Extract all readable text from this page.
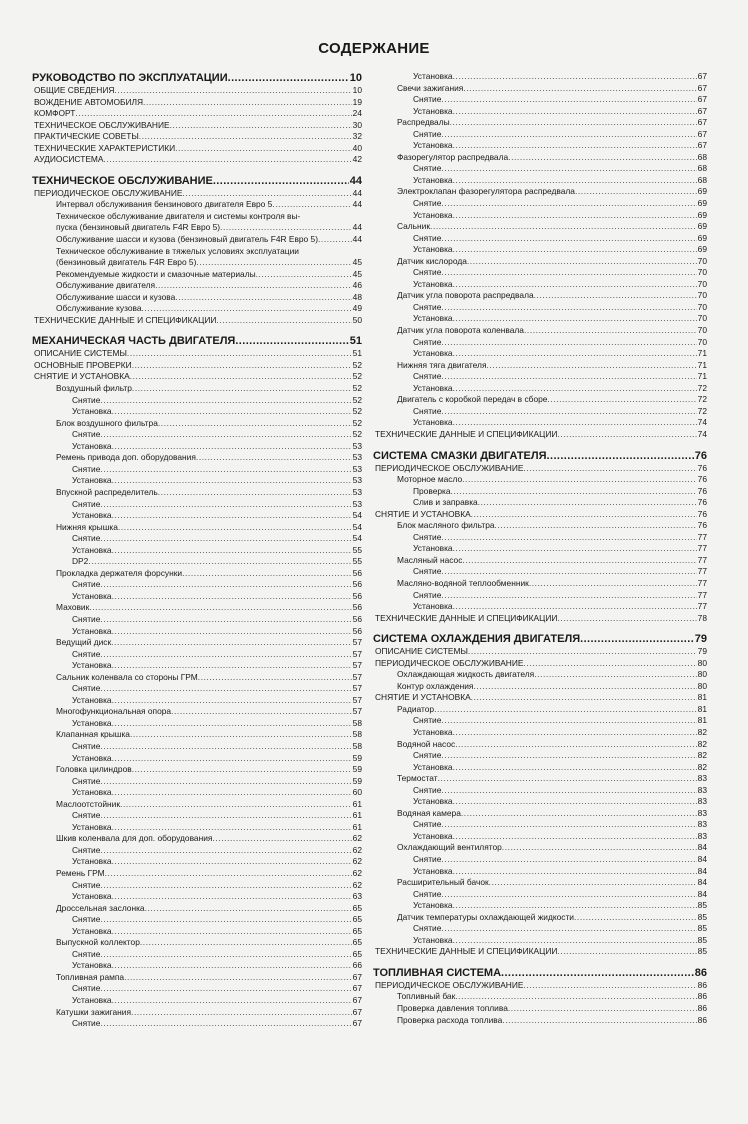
СОДЕРЖАНИЕ
РУКОВОДСТВО ПО ЭКСПЛУАТАЦИИ .....	10
ОБЩИЕ СВЕДЕНИЯ .....	10
ВОЖДЕНИЕ АВТОМОБИЛЯ .....	19
КОМФОРТ .....	24
ТЕХНИЧЕСКОЕ ОБСЛУЖИВАНИЕ .....	30
ПРАКТИЧЕСКИЕ СОВЕТЫ .....	32
ТЕХНИЧЕСКИЕ ХАРАКТЕРИСТИКИ .....	40
АУДИОСИСТЕМА .....	42
ТЕХНИЧЕСКОЕ ОБСЛУЖИВАНИЕ .....	44
ПЕРИОДИЧЕСКОЕ ОБСЛУЖИВАНИЕ .....	44
Интервал обслуживания бензинового двигателя Евро 5 .....	44
Техническое обслуживание двигателя и системы контроля вы-
пуска (бензиновый двигатель F4R Евро 5) .....	44
Обслуживание шасси и кузова (бензиновый двигатель F4R Евро 5) .....	44
Техническое обслуживание в тяжелых условиях эксплуатации
(бензиновый двигатель F4R Евро 5) .....	45
Рекомендуемые жидкости и смазочные материалы .....	45
Обслуживание двигателя .....	46
Обслуживание шасси и кузова .....	48
Обслуживание кузова .....	49
ТЕХНИЧЕСКИЕ ДАННЫЕ И СПЕЦИФИКАЦИИ .....	50
МЕХАНИЧЕСКАЯ ЧАСТЬ ДВИГАТЕЛЯ .....	51
ОПИСАНИЕ СИСТЕМЫ .....	51
ОСНОВНЫЕ ПРОВЕРКИ .....	52
СНЯТИЕ И УСТАНОВКА .....	52
Воздушный фильтр .....	52
Снятие .....	52
Установка .....	52
Блок воздушного фильтра .....	52
Снятие .....	52
Установка .....	53
Ремень привода доп. оборудования .....	53
Снятие .....	53
Установка .....	53
Впускной распределитель .....	53
Снятие .....	53
Установка .....	54
Нижняя крышка .....	54
Снятие .....	54
Установка .....	55
DP2 .....	55
Прокладка держателя форсунки .....	56
Снятие .....	56
Установка .....	56
Маховик .....	56
Снятие .....	56
Установка .....	56
Ведущий диск .....	57
Снятие .....	57
Установка .....	57
Сальник коленвала со стороны ГРМ .....	57
Снятие .....	57
Установка .....	57
Многофункциональная опора .....	57
Установка .....	58
Клапанная крышка .....	58
Снятие .....	58
Установка .....	59
Головка цилиндров .....	59
Снятие .....	59
Установка .....	60
Маслоотстойник .....	61
Снятие .....	61
Установка .....	61
Шкив коленвала для доп. оборудования .....	62
Снятие .....	62
Установка .....	62
Ремень ГРМ .....	62
Снятие .....	62
Установка .....	63
Дроссельная заслонка .....	65
Снятие .....	65
Установка .....	65
Выпускной коллектор .....	65
Снятие .....	65
Установка .....	66
Топливная рампа .....	67
Снятие .....	67
Установка .....	67
Катушки зажигания .....	67
Снятие .....	67
Установка .....	67
Свечи зажигания .....	67
Снятие .....	67
Установка .....	67
Распредвалы .....	67
Снятие .....	67
Установка .....	67
Фазорегулятор распредвала .....	68
Снятие .....	68
Установка .....	68
Электроклапан фазорегулятора распредвала .....	69
Снятие .....	69
Установка .....	69
Сальник .....	69
Снятие .....	69
Установка .....	69
Датчик кислорода .....	70
Снятие .....	70
Установка .....	70
Датчик угла поворота распредвала .....	70
Снятие .....	70
Установка .....	70
Датчик угла поворота коленвала .....	70
Снятие .....	70
Установка .....	71
Нижняя тяга двигателя .....	71
Снятие .....	71
Установка .....	72
Двигатель с коробкой передач в сборе .....	72
Снятие .....	72
Установка .....	74
ТЕХНИЧЕСКИЕ ДАННЫЕ И СПЕЦИФИКАЦИИ .....	74
СИСТЕМА СМАЗКИ ДВИГАТЕЛЯ .....	76
ПЕРИОДИЧЕСКОЕ ОБСЛУЖИВАНИЕ .....	76
Моторное масло .....	76
Проверка .....	76
Слив и заправка .....	76
СНЯТИЕ И УСТАНОВКА .....	76
Блок масляного фильтра .....	76
Снятие .....	77
Установка .....	77
Масляный насос .....	77
Снятие .....	77
Масляно-водяной теплообменник .....	77
Снятие .....	77
Установка .....	77
ТЕХНИЧЕСКИЕ ДАННЫЕ И СПЕЦИФИКАЦИИ .....	78
СИСТЕМА ОХЛАЖДЕНИЯ ДВИГАТЕЛЯ .....	79
ОПИСАНИЕ СИСТЕМЫ .....	79
ПЕРИОДИЧЕСКОЕ ОБСЛУЖИВАНИЕ .....	80
Охлаждающая жидкость двигателя .....	80
Контур охлаждения .....	80
СНЯТИЕ И УСТАНОВКА .....	81
Радиатор .....	81
Снятие .....	81
Установка .....	82
Водяной насос .....	82
Снятие .....	82
Установка .....	82
Термостат .....	83
Снятие .....	83
Установка .....	83
Водяная камера .....	83
Снятие .....	83
Установка .....	83
Охлаждающий вентилятор .....	84
Снятие .....	84
Установка .....	84
Расширительный бачок .....	84
Снятие .....	84
Установка .....	85
Датчик температуры охлаждающей жидкости .....	85
Снятие .....	85
Установка .....	85
ТЕХНИЧЕСКИЕ ДАННЫЕ И СПЕЦИФИКАЦИИ .....	85
ТОПЛИВНАЯ СИСТЕМА .....	86
ПЕРИОДИЧЕСКОЕ ОБСЛУЖИВАНИЕ .....	86
Топливный бак .....	86
Проверка давления топлива .....	86
Проверка расхода топлива .....	86
